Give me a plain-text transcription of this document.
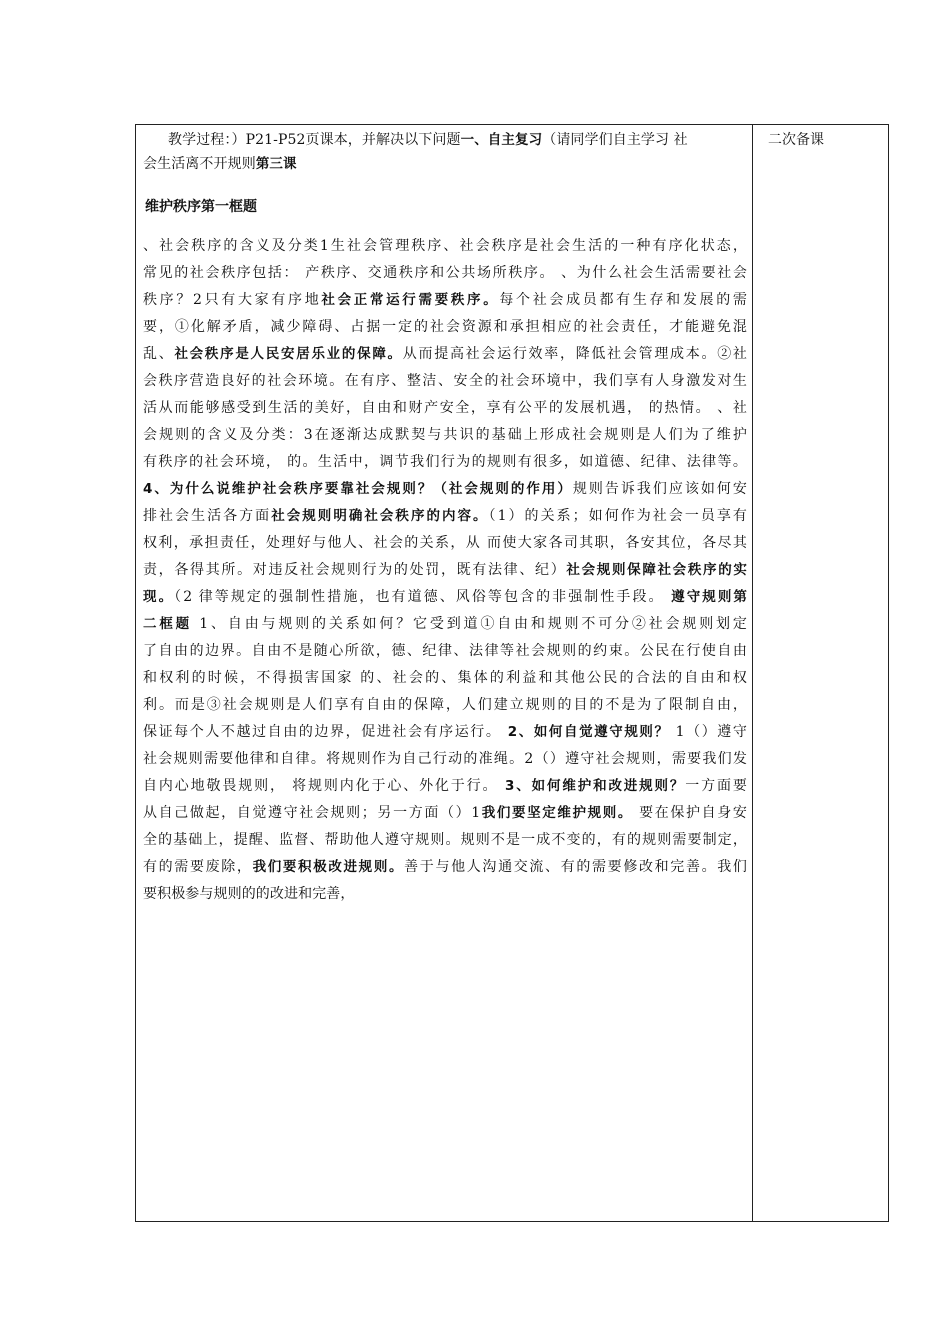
教学过程：）P21-P52页课本，并解决以下问题一、自主复习（请同学们自主学习 社
会生活离不开规则第三课
维护秩序第一框题
、社会秩序的含义及分类1生社会管理秩序、社会秩序是社会生活的一种有序化状态，
常见的社会秩序包括： 产秩序、交通秩序和公共场所秩序。 、为什么社会生活需要社会
秩序？2只有大家有序地社会正常运行需要秩序。每个社会成员都有生存和发展的需
要，①化解矛盾，减少障碍、占据一定的社会资源和承担相应的社会责任，才能避免混
乱、社会秩序是人民安居乐业的保障。从而提高社会运行效率，降低社会管理成本。②社
会秩序营造良好的社会环境。在有序、整洁、安全的社会环境中，我们享有人身激发对生
活从而能够感受到生活的美好，自由和财产安全，享有公平的发展机遇， 的热情。 、社
会规则的含义及分类：3在逐渐达成默契与共识的基础上形成社会规则是人们为了维护
有秩序的社会环境， 的。生活中，调节我们行为的规则有很多，如道德、纪律、法律等。
4、为什么说维护社会秩序要靠社会规则？（社会规则的作用）规则告诉我们应该如何安
排社会生活各方面社会规则明确社会秩序的内容。（1）的关系；如何作为社会一员享有
权利，承担责任，处理好与他人、社会的关系，从 而使大家各司其职，各安其位，各尽其
责，各得其所。对违反社会规则行为的处罚，既有法律、纪）社会规则保障社会秩序的实
现。（2 律等规定的强制性措施，也有道德、风俗等包含的非强制性手段。 遵守规则第
二框题 1、自由与规则的关系如何？它受到道①自由和规则不可分②社会规则划定
了自由的边界。自由不是随心所欲，德、纪律、法律等社会规则的约束。公民在行使自由
和权利的时候，不得损害国家 的、社会的、集体的利益和其他公民的合法的自由和权
利。而是③社会规则是人们享有自由的保障，人们建立规则的目的不是为了限制自由，
保证每个人不越过自由的边界，促进社会有序运行。 2、如何自觉遵守规则？ 1（）遵守
社会规则需要他律和自律。将规则作为自己行动的准绳。2（）遵守社会规则，需要我们发
自内心地敬畏规则， 将规则内化于心、外化于行。 3、如何维护和改进规则？一方面要
从自己做起，自觉遵守社会规则；另一方面（）1我们要坚定维护规则。 要在保护自身安
全的基础上，提醒、监督、帮助他人遵守规则。规则不是一成不变的，有的规则需要制定，
有的需要废除，我们要积极改进规则。善于与他人沟通交流、有的需要修改和完善。我们
要积极参与规则的的改进和完善，
二次备课
